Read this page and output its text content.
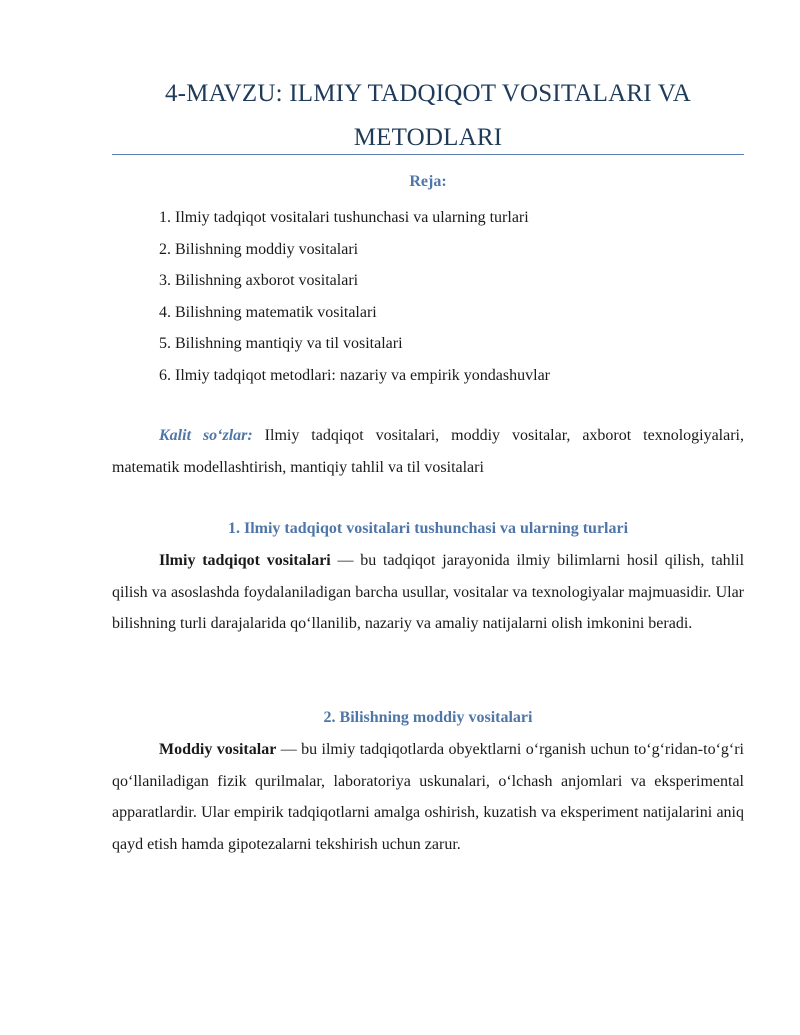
4-MAVZU: ILMIY TADQIQOT VOSITALARI VA
METODLARI
Reja:
1. Ilmiy tadqiqot vositalari tushunchasi va ularning turlari
2. Bilishning moddiy vositalari
3. Bilishning axborot vositalari
4. Bilishning matematik vositalari
5. Bilishning mantiqiy va til vositalari
6. Ilmiy tadqiqot metodlari: nazariy va empirik yondashuvlar

Kalit so‘zlar: Ilmiy tadqiqot vositalari, moddiy vositalar, axborot texnologiyalari, matematik modellashtirish, mantiqiy tahlil va til vositalari

1. Ilmiy tadqiqot vositalari tushunchasi va ularning turlari

Ilmiy tadqiqot vositalari — bu tadqiqot jarayonida ilmiy bilimlarni hosil qilish, tahlil qilish va asoslashda foydalaniladigan barcha usullar, vositalar va texnologiyalar majmuasidir. Ular bilishning turli darajalarida qo‘llanilib, nazariy va amaliy natijalarni olish imkonini beradi.

2. Bilishning moddiy vositalari

Moddiy vositalar — bu ilmiy tadqiqotlarda obyektlarni o‘rganish uchun to‘g‘ridan-to‘g‘ri qo‘llaniladigan fizik qurilmalar, laboratoriya uskunalari, o‘lchash anjomlari va eksperimental apparatlardir. Ular empirik tadqiqotlarni amalga oshirish, kuzatish va eksperiment natijalarini aniq qayd etish hamda gipotezalarni tekshirish uchun zarur.
